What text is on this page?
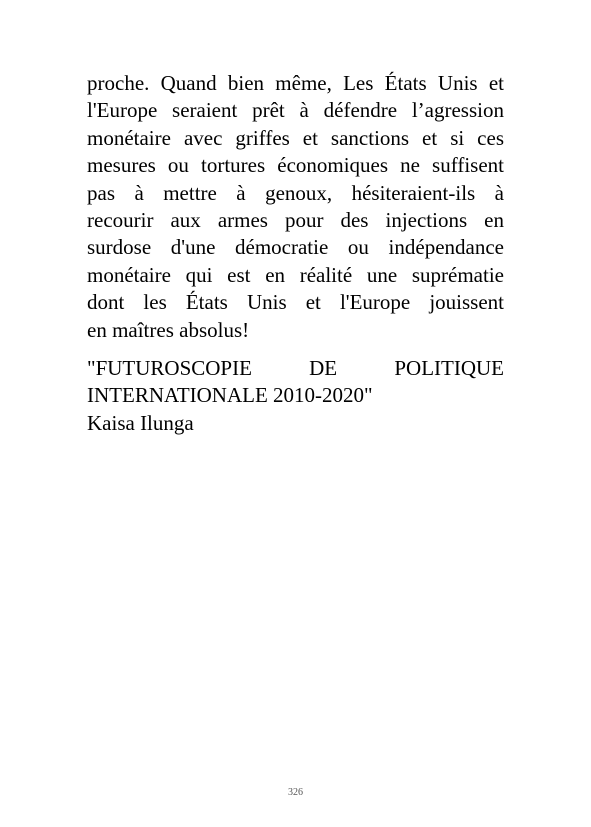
proche. Quand bien même, Les États Unis et
l'Europe seraient prêt à défendre l’agression
monétaire avec griffes et sanctions et si ces
mesures ou tortures économiques ne suffisent
pas à mettre à genoux, hésiteraient-ils à
recourir aux armes pour des injections en
surdose d'une démocratie ou indépendance
monétaire qui est en réalité une suprématie
dont les États Unis et l'Europe jouissent
en maîtres absolus!
"FUTUROSCOPIE DE POLITIQUE
INTERNATIONALE 2010-2020"
Kaisa Ilunga
326
